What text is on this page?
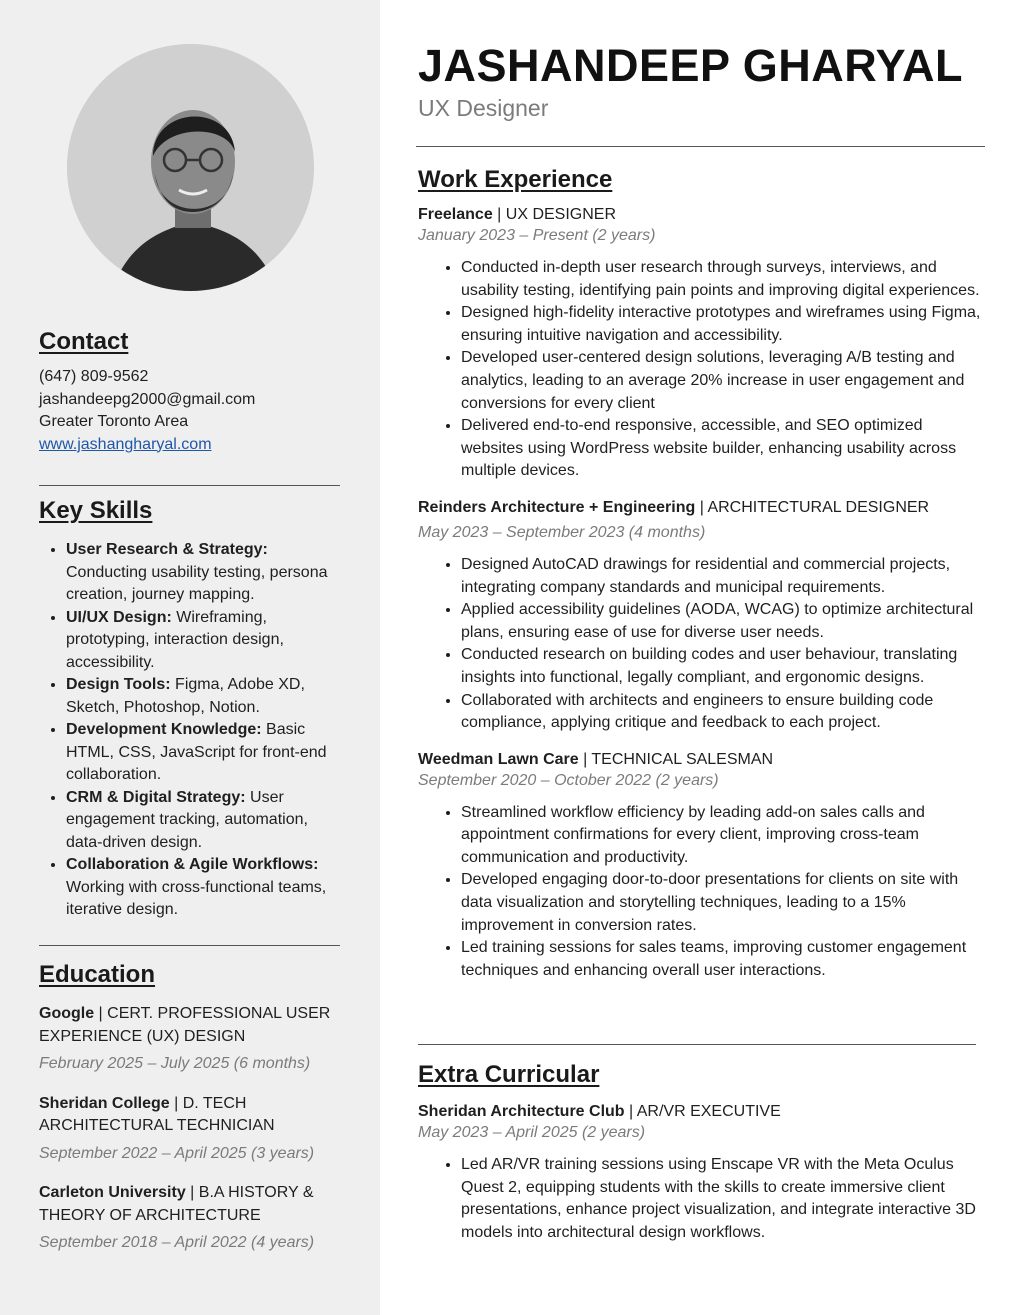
Contact
(647) 809-9562
jashandeepg2000@gmail.com
Greater Toronto Area
www.jashangharyal.com
Key Skills
• User Research & Strategy: Conducting usability testing, persona creation, journey mapping.
• UI/UX Design: Wireframing, prototyping, interaction design, accessibility.
• Design Tools: Figma, Adobe XD, Sketch, Photoshop, Notion.
• Development Knowledge: Basic HTML, CSS, JavaScript for front-end collaboration.
• CRM & Digital Strategy: User engagement tracking, automation, data-driven design.
• Collaboration & Agile Workflows: Working with cross-functional teams, iterative design.
Education
Google | CERT. PROFESSIONAL USER EXPERIENCE (UX) DESIGN
February 2025 – July 2025 (6 months)
Sheridan College | D. TECH ARCHITECTURAL TECHNICIAN
September 2022 – April 2025 (3 years)
Carleton University | B.A HISTORY & THEORY OF ARCHITECTURE
September 2018 – April 2022 (4 years)
JASHANDEEP GHARYAL
UX Designer
Work Experience
Freelance | UX DESIGNER
January 2023 – Present (2 years)
• Conducted in-depth user research through surveys, interviews, and usability testing, identifying pain points and improving digital experiences.
• Designed high-fidelity interactive prototypes and wireframes using Figma, ensuring intuitive navigation and accessibility.
• Developed user-centered design solutions, leveraging A/B testing and analytics, leading to an average 20% increase in user engagement and conversions for every client
• Delivered end-to-end responsive, accessible, and SEO optimized websites using WordPress website builder, enhancing usability across multiple devices.
Reinders Architecture + Engineering | ARCHITECTURAL DESIGNER
May 2023 – September 2023 (4 months)
• Designed AutoCAD drawings for residential and commercial projects, integrating company standards and municipal requirements.
• Applied accessibility guidelines (AODA, WCAG) to optimize architectural plans, ensuring ease of use for diverse user needs.
• Conducted research on building codes and user behaviour, translating insights into functional, legally compliant, and ergonomic designs.
• Collaborated with architects and engineers to ensure building code compliance, applying critique and feedback to each project.
Weedman Lawn Care | TECHNICAL SALESMAN
September 2020 – October 2022 (2 years)
• Streamlined workflow efficiency by leading add-on sales calls and appointment confirmations for every client, improving cross-team communication and productivity.
• Developed engaging door-to-door presentations for clients on site with data visualization and storytelling techniques, leading to a 15% improvement in conversion rates.
• Led training sessions for sales teams, improving customer engagement techniques and enhancing overall user interactions.
Extra Curricular
Sheridan Architecture Club | AR/VR EXECUTIVE
May 2023 – April 2025 (2 years)
• Led AR/VR training sessions using Enscape VR with the Meta Oculus Quest 2, equipping students with the skills to create immersive client presentations, enhance project visualization, and integrate interactive 3D models into architectural design workflows.
